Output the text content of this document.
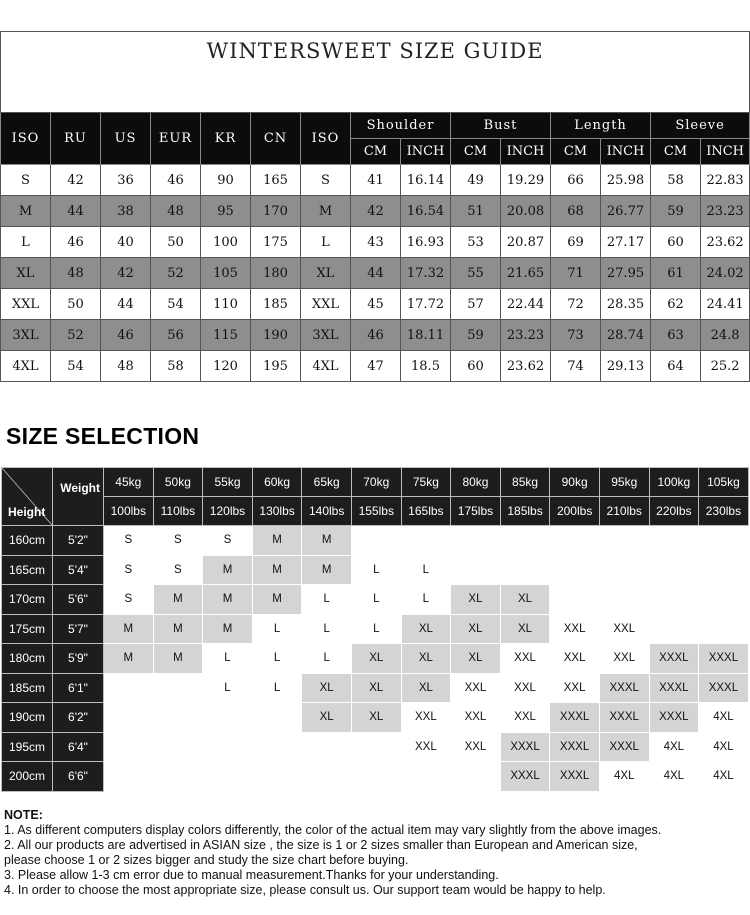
WINTERSWEET SIZE GUIDE														
ISO	RU	US	EUR	KR	CN	ISO	Shoulder		Bust		Length		Sleeve	
							CM	INCH	CM	INCH	CM	INCH	CM	INCH
S	42	36	46	90	165	S	41	16.14	49	19.29	66	25.98	58	22.83
M	44	38	48	95	170	M	42	16.54	51	20.08	68	26.77	59	23.23
L	46	40	50	100	175	L	43	16.93	53	20.87	69	27.17	60	23.62
XL	48	42	52	105	180	XL	44	17.32	55	21.65	71	27.95	61	24.02
XXL	50	44	54	110	185	XXL	45	17.72	57	22.44	72	28.35	62	24.41
3XL	52	46	56	115	190	3XL	46	18.11	59	23.23	73	28.74	63	24.8
4XL	54	48	58	120	195	4XL	47	18.5	60	23.62	74	29.13	64	25.2
SIZE SELECTION
Height	Weight	45kg	50kg	55kg	60kg	65kg	70kg	75kg	80kg	85kg	90kg	95kg	100kg	105kg
		100lbs	110lbs	120lbs	130lbs	140lbs	155lbs	165lbs	175lbs	185lbs	200lbs	210lbs	220lbs	230lbs
160cm	5'2"	S	S	S	M	M								
165cm	5'4"	S	S	M	M	M	L	L						
170cm	5'6"	S	M	M	M	L	L	L	XL	XL				
175cm	5'7"	M	M	M	L	L	L	XL	XL	XL	XXL	XXL		
180cm	5'9"	M	M	L	L	L	XL	XL	XL	XXL	XXL	XXL	XXXL	XXXL
185cm	6'1"			L	L	XL	XL	XL	XXL	XXL	XXL	XXXL	XXXL	XXXL
190cm	6'2"					XL	XL	XXL	XXL	XXL	XXXL	XXXL	XXXL	4XL
195cm	6'4"							XXL	XXL	XXXL	XXXL	XXXL	4XL	4XL
200cm	6'6"									XXXL	XXXL	4XL	4XL	4XL

NOTE:

1. As different computers display colors differently, the color of the actual item may vary slightly from the above images.

2. All our products are advertised in ASIAN size , the size is 1 or 2 sizes smaller than European and American size,

please choose 1 or 2 sizes bigger and study the size chart before buying.

3. Please allow 1-3 cm error due to manual measurement.Thanks for your understanding.

4. In order to choose the most appropriate size, please consult us. Our support team would be happy to help.
